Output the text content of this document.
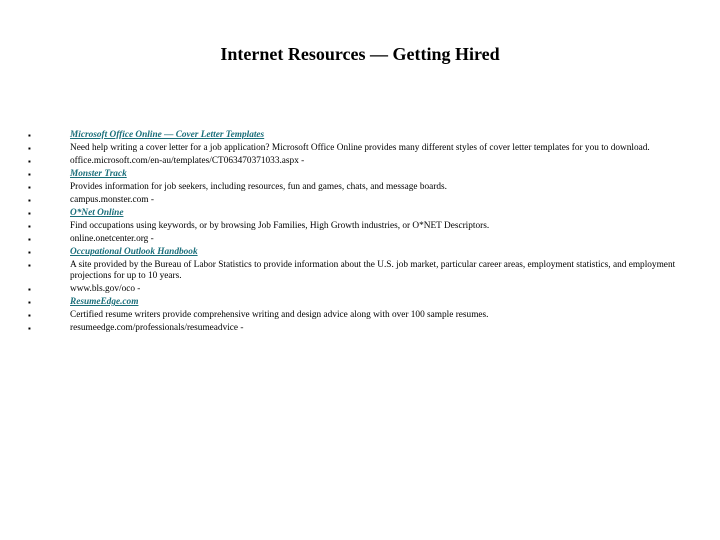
Internet Resources — Getting Hired
▪	Microsoft Office Online — Cover Letter Templates
▪	Need help writing a cover letter for a job application? Microsoft Office Online provides many different styles of cover letter templates for you to download.
▪	office.microsoft.com/en-au/templates/CT063470371033.aspx -
▪	Monster Track
▪	Provides information for job seekers, including resources, fun and games, chats, and message boards.
▪	campus.monster.com -
▪	O*Net Online
▪	Find occupations using keywords, or by browsing Job Families, High Growth industries, or O*NET Descriptors.
▪	online.onetcenter.org -
▪	Occupational Outlook Handbook
▪	A site provided by the Bureau of Labor Statistics to provide information about the U.S. job market, particular career areas, employment statistics, and employment projections for up to 10 years.
▪	www.bls.gov/oco -
▪	ResumeEdge.com
▪	Certified resume writers provide comprehensive writing and design advice along with over 100 sample resumes.
▪	resumeedge.com/professionals/resumeadvice -
